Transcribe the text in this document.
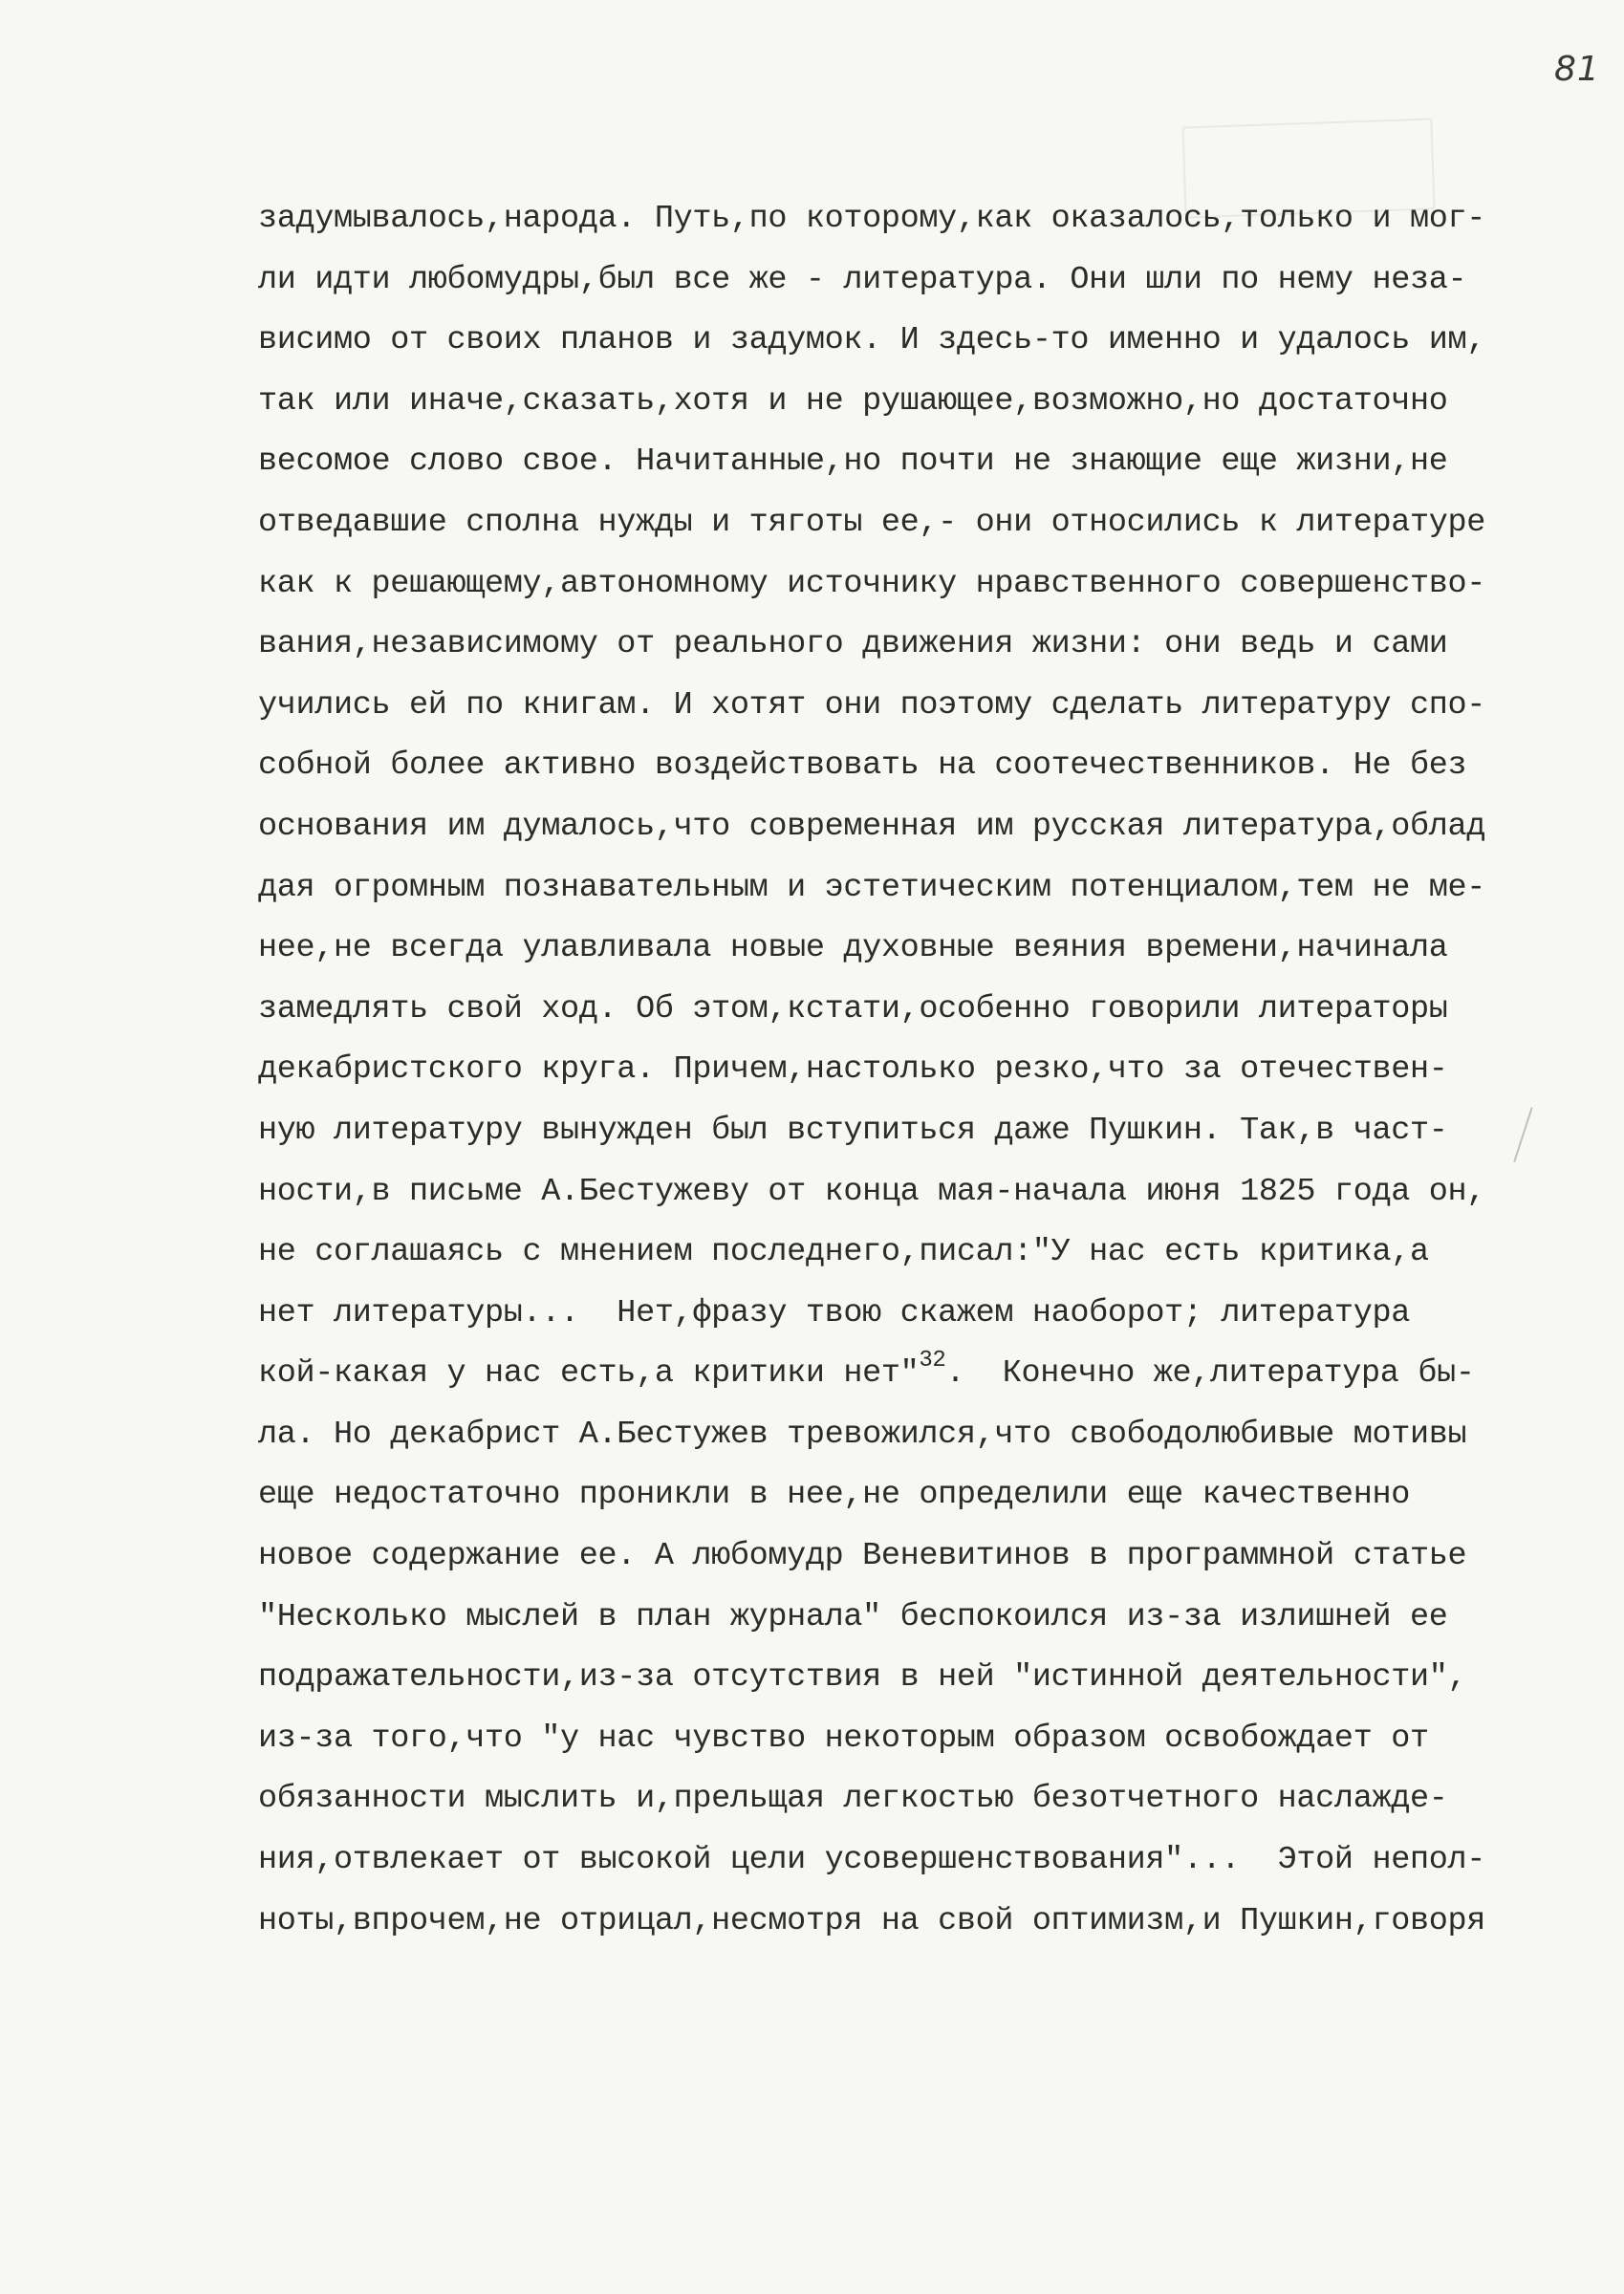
81
задумывалось,народа. Путь,по которому,как оказалось,только и мог-
ли идти любомудры,был все же - литература. Они шли по нему неза-
висимо от своих планов и задумок. И здесь-то именно и удалось им,
так или иначе,сказать,хотя и не рушающее,возможно,но достаточно
весомое слово свое. Начитанные,но почти не знающие еще жизни,не
отведавшие сполна нужды и тяготы ее,- они относились к литературе
как к решающему,автономному источнику нравственного совершенство-
вания,независимому от реального движения жизни: они ведь и сами
учились ей по книгам. И хотят они поэтому сделать литературу спо-
собной более активно воздействовать на соотечественников. Не без
основания им думалось,что современная им русская литература,облад
дая огромным познавательным и эстетическим потенциалом,тем не ме-
нее,не всегда улавливала новые духовные веяния времени,начинала
замедлять свой ход. Об этом,кстати,особенно говорили литераторы
декабристского круга. Причем,настолько резко,что за отечествен-
ную литературу вынужден был вступиться даже Пушкин. Так,в част-
ности,в письме А.Бестужеву от конца мая-начала июня 1825 года он,
не соглашаясь с мнением последнего,писал:"У нас есть критика,а
нет литературы...  Нет,фразу твою скажем наоборот; литература
кой-какая у нас есть,а критики нет"$^{32}$.  Конечно же,литература бы-
ла. Но декабрист А.Бестужев тревожился,что свободолюбивые мотивы
еще недостаточно проникли в нее,не определили еще качественно
новое содержание ее. А любомудр Веневитинов в программной статье
"Несколько мыслей в план журнала" беспокоился из-за излишней ее
подражательности,из-за отсутствия в ней "истинной деятельности",
из-за того,что "у нас чувство некоторым образом освобождает от
обязанности мыслить и,прельщая легкостью безотчетного наслажде-
ния,отвлекает от высокой цели усовершенствования"...  Этой непол-
ноты,впрочем,не отрицал,несмотря на свой оптимизм,и Пушкин,говоря
